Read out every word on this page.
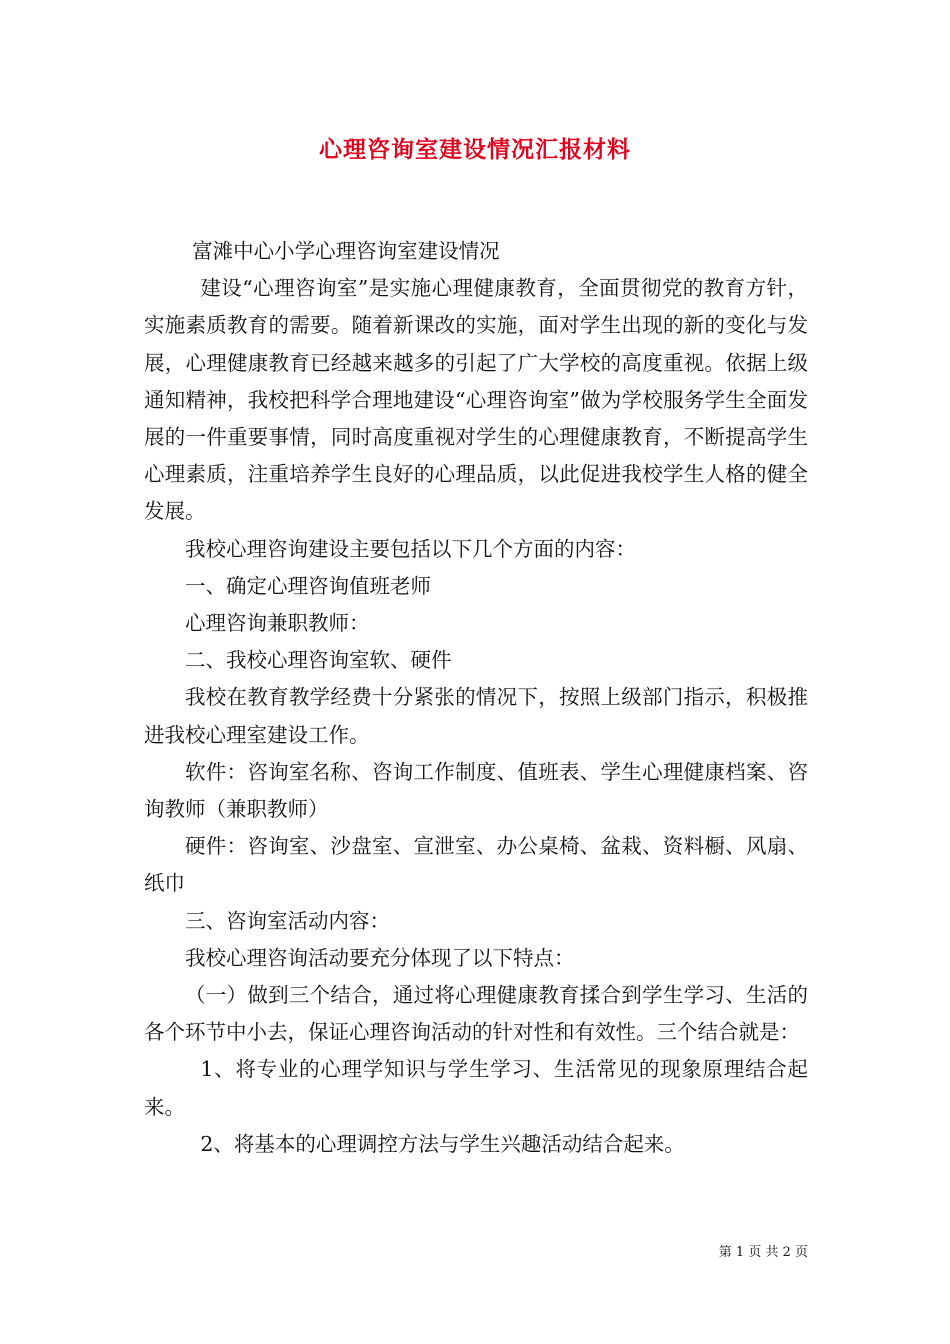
心理咨询室建设情况汇报材料

富滩中心小学心理咨询室建设情况

建设“心理咨询室”是实施心理健康教育，全面贯彻党的教育方针，实施素质教育的需要。随着新课改的实施，面对学生出现的新的变化与发展，心理健康教育已经越来越多的引起了广大学校的高度重视。依据上级通知精神，我校把科学合理地建设“心理咨询室”做为学校服务学生全面发展的一件重要事情，同时高度重视对学生的心理健康教育，不断提高学生心理素质，注重培养学生良好的心理品质，以此促进我校学生人格的健全发展。

我校心理咨询建设主要包括以下几个方面的内容：

一、确定心理咨询值班老师

心理咨询兼职教师：

二、我校心理咨询室软、硬件

我校在教育教学经费十分紧张的情况下，按照上级部门指示，积极推进我校心理室建设工作。

软件：咨询室名称、咨询工作制度、值班表、学生心理健康档案、咨询教师（兼职教师）

硬件：咨询室、沙盘室、宣泄室、办公桌椅、盆栽、资料橱、风扇、纸巾

三、咨询室活动内容：

我校心理咨询活动要充分体现了以下特点：

（一）做到三个结合，通过将心理健康教育揉合到学生学习、生活的各个环节中小去，保证心理咨询活动的针对性和有效性。三个结合就是：

1、将专业的心理学知识与学生学习、生活常见的现象原理结合起来。

2、将基本的心理调控方法与学生兴趣活动结合起来。

第 1 页 共 2 页
